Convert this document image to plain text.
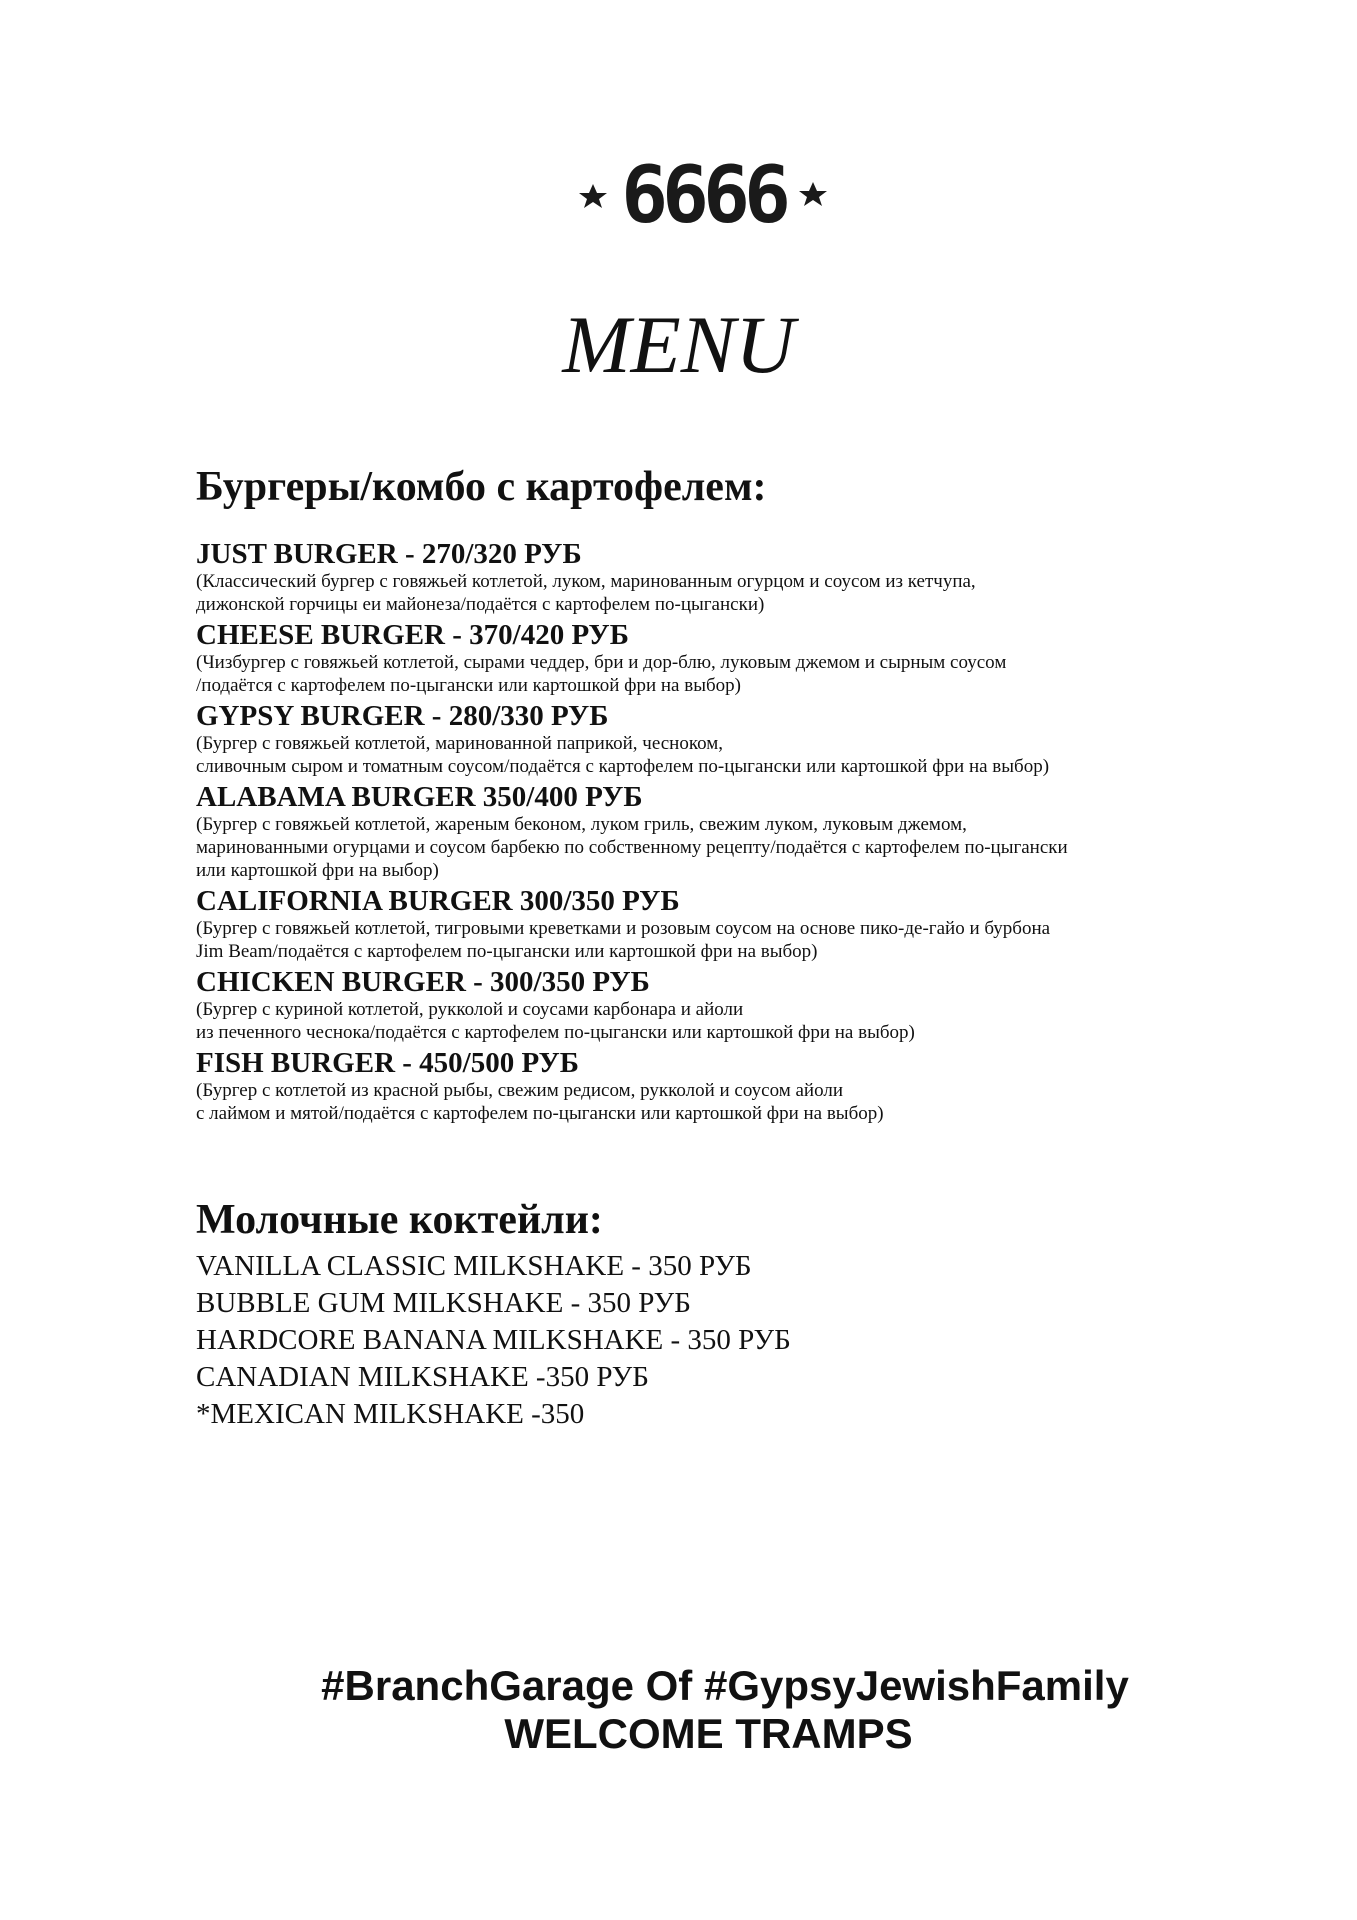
6666
MENU
Бургеры/комбо с картофелем:
JUST BURGER - 270/320 РУБ
(Классический бургер с говяжьей котлетой, луком, маринованным огурцом и соусом из кетчупа,
дижонской горчицы еи майонеза/подаётся с картофелем по-цыгански)
CHEESE BURGER - 370/420 РУБ
(Чизбургер с говяжьей котлетой, сырами чеддер, бри и дор-блю, луковым джемом и сырным соусом
/подаётся с картофелем по-цыгански или картошкой фри на выбор)
GYPSY BURGER - 280/330 РУБ
(Бургер с говяжьей котлетой, маринованной паприкой, чесноком,
сливочным сыром и томатным соусом/подаётся с картофелем по-цыгански или картошкой фри на выбор)
ALABAMA BURGER 350/400 РУБ
(Бургер с говяжьей котлетой, жареным беконом, луком гриль, свежим луком, луковым джемом,
маринованными огурцами и соусом барбекю по собственному рецепту/подаётся с картофелем по-цыгански
или картошкой фри на выбор)
CALIFORNIA BURGER 300/350 РУБ
(Бургер с говяжьей котлетой, тигровыми креветками и розовым соусом на основе пико-де-гайо и бурбона
Jim Beam/подаётся с картофелем по-цыгански или картошкой фри на выбор)
CHICKEN BURGER - 300/350 РУБ
(Бургер с куриной котлетой, рукколой и соусами карбонара и айоли
из печенного чеснока/подаётся с картофелем по-цыгански или картошкой фри на выбор)
FISH BURGER - 450/500 РУБ
(Бургер с котлетой из красной рыбы, свежим редисом, рукколой и соусом айоли
с лаймом и мятой/подаётся с картофелем по-цыгански или картошкой фри на выбор)
Молочные коктейли:
VANILLA CLASSIC MILKSHAKE - 350 РУБ
BUBBLE GUM MILKSHAKE - 350 РУБ
HARDCORE BANANA MILKSHAKE - 350 РУБ
CANADIAN MILKSHAKE -350 РУБ
*MEXICAN MILKSHAKE -350
#BranchGarage Of #GypsyJewishFamily
WELCOME TRAMPS
